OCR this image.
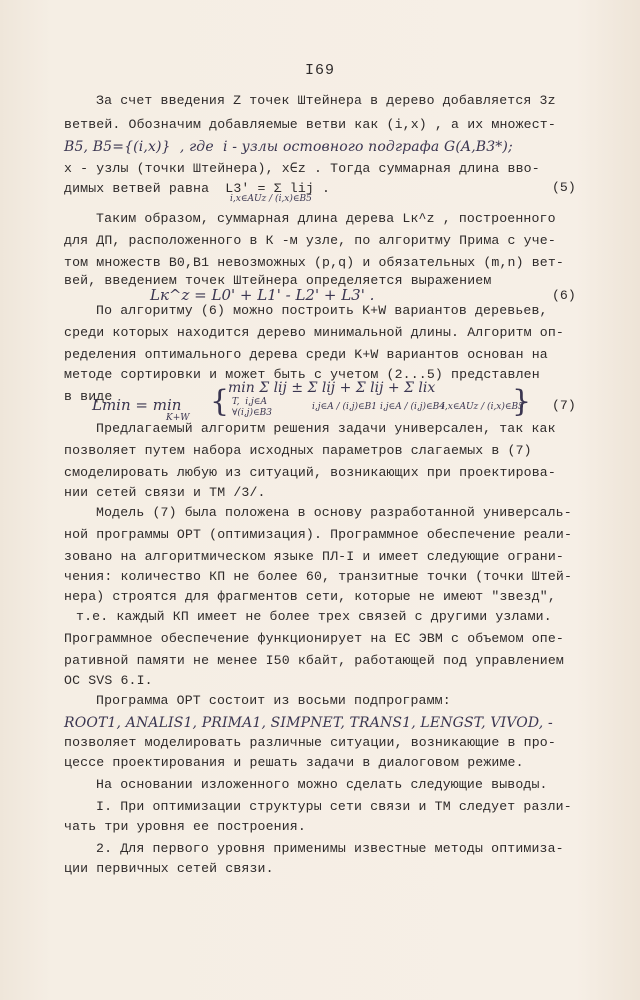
I69
За счет введения Z точек Штейнера в дерево добавляется 3z
ветвей. Обозначим добавляемые ветви как (i,x) , а их множест-
B5, B5={(i,x)}  , где  i - узлы остовного подграфа G(A,B3*);
x - узлы (точки Штейнера), x∈z . Тогда суммарная длина вво-
димых ветвей равна  L3' = Σ lij .
i,x∈AUz / (i,x)∈B5
(5)
Таким образом, суммарная длина дерева Lк^z , построенного
для ДП, расположенного в К -м узле, по алгоритму Прима с уче-
том множеств B0,B1 невозможных (p,q) и обязательных (m,n) вет-
вей, введением точек Штейнера определяется выражением
Lк^z = L0' + L1' - L2' + L3' .	(6)
По алгоритму (6) можно построить K+W вариантов деревьев,
среди которых находится дерево минимальной длины. Алгоритм оп-
ределения оптимального дерева среди K+W вариантов основан на
методе сортировки и может быть с учетом (2...5) представлен
в виде
Lmin = min
K+W {
min Σ lij ± Σ lij + Σ lij + Σ lix
T,  i,j∈A
∀(i,j)∈B3
i,j∈A / (i,j)∈B1 i,j∈A / (i,j)∈B4
i,x∈AUz / (i,x)∈B5
} (7)
Предлагаемый алгоритм решения задачи универсален, так как
позволяет путем набора исходных параметров слагаемых в (7)
смоделировать любую из ситуаций, возникающих при проектирова-
нии сетей связи и ТМ /3/.
Модель (7) была положена в основу разработанной универсаль-
ной программы OPT (оптимизация). Программное обеспечение реали-
зовано на алгоритмическом языке ПЛ-I и имеет следующие ограни-
чения: количество КП не более 60, транзитные точки (точки Штей-
нера) строятся для фрагментов сети, которые не имеют "звезд",
т.е. каждый КП имеет не более трех связей с другими узлами.
Программное обеспечение функционирует на ЕС ЭВМ с объемом опе-
ративной памяти не менее I50 кбайт, работающей под управлением
ОС SVS 6.I.
Программа OPT состоит из восьми подпрограмм:
ROOT1, ANALIS1, PRIMA1, SIMPNET, TRANS1, LENGST, VIVOD, -
позволяет моделировать различные ситуации, возникающие в про-
цессе проектирования и решать задачи в диалоговом режиме.
На основании изложенного можно сделать следующие выводы.
I. При оптимизации структуры сети связи и ТМ следует разли-
чать три уровня ее построения.
2. Для первого уровня применимы известные методы оптимиза-
ции первичных сетей связи.
